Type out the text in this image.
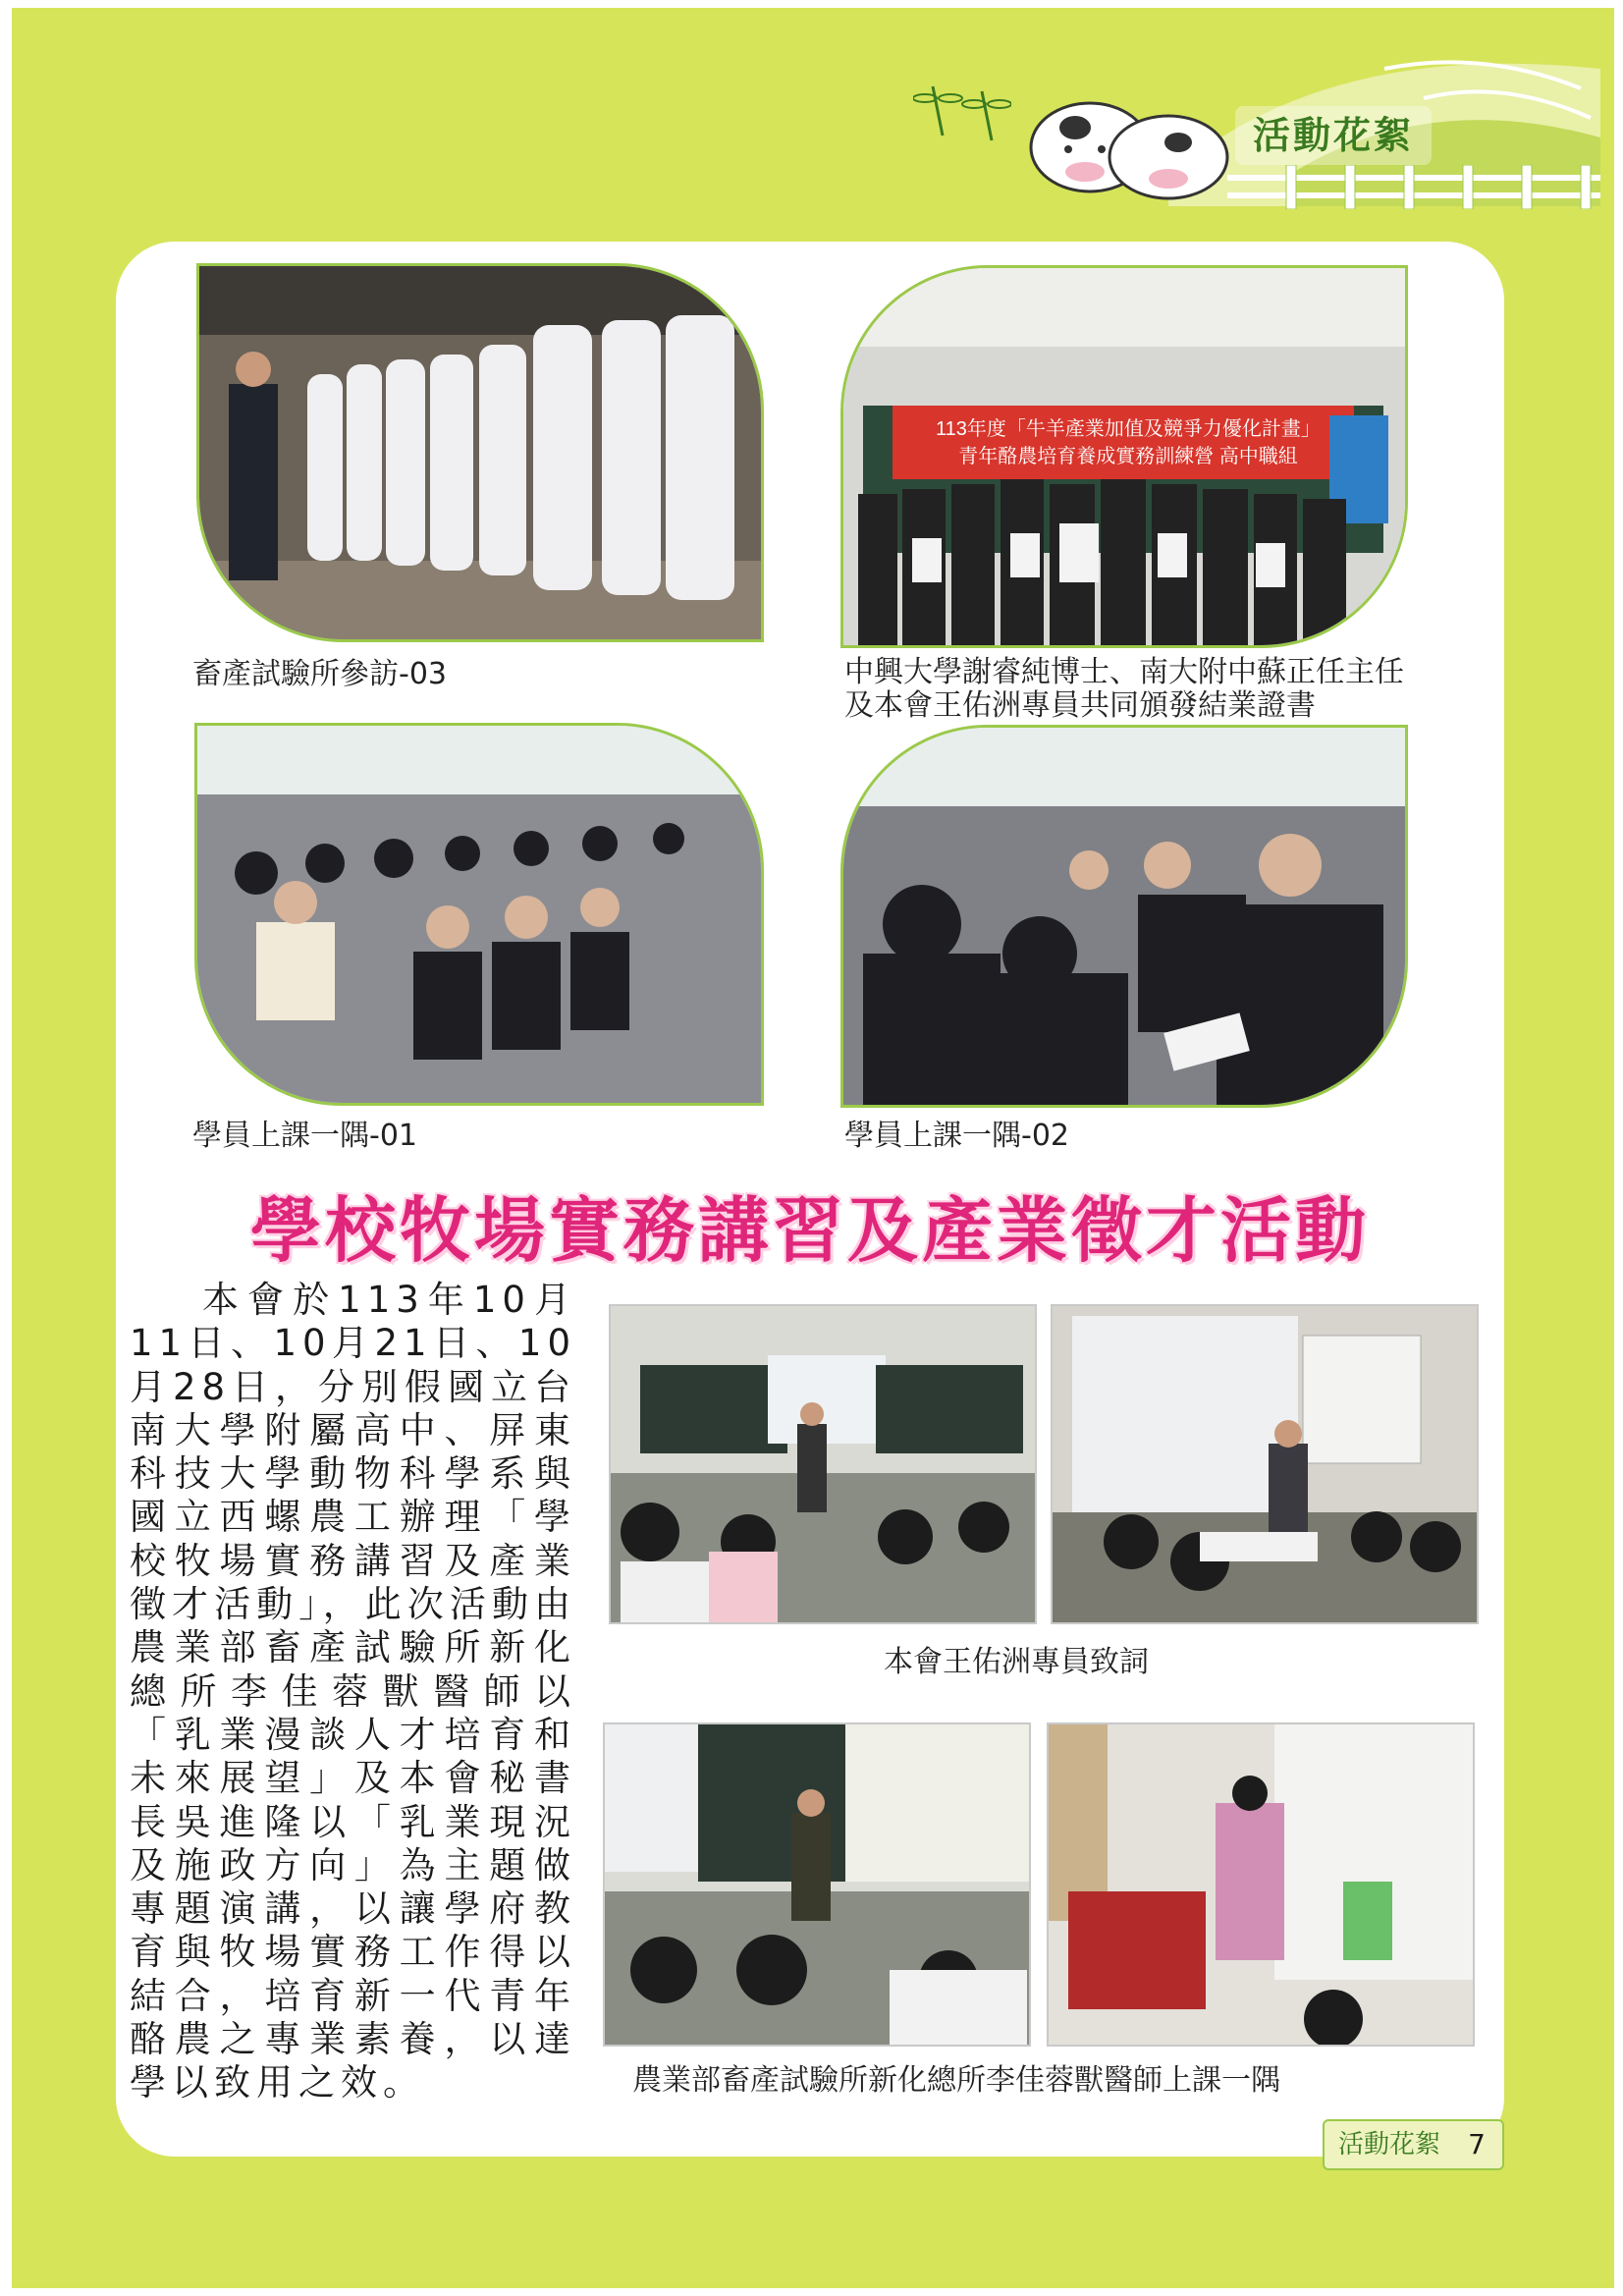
活動花絮
畜產試驗所參訪-03
113年度「牛羊產業加值及競爭力優化計畫」
青年酪農培育養成實務訓練營 高中職組
中興大學謝睿純博士、南大附中蘇正任主任
及本會王佑洲專員共同頒發結業證書
學員上課一隅-01	學員上課一隅-02
學校牧場實務講習及產業徵才活動
本會於113年10月11日、10月21日、10月28日，分別假國立台南大學附屬高中、屏東科技大學動物科學系與國立西螺農工辦理「學校牧場實務講習及產業徵才活動」，此次活動由農業部畜產試驗所新化總所李佳蓉獸醫師以「乳業漫談人才培育和未來展望」及本會秘書長吳進隆以「乳業現況及施政方向」為主題做專題演講，以讓學府教育與牧場實務工作得以結合，培育新一代青年酪農之專業素養，以達學以致用之效。
本會王佑洲專員致詞
農業部畜產試驗所新化總所李佳蓉獸醫師上課一隅
活動花絮	7
